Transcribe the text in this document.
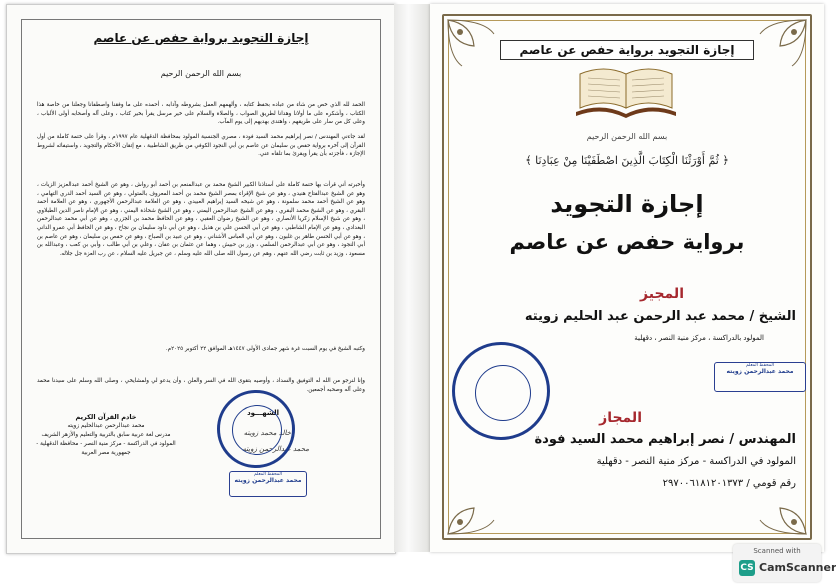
إجازة التجويد برواية حفص عن عاصم
بسم الله الرحمن الرحيم
الحمد لله الذي خص من شاء من عباده بحفظ كتابه ، وألهمهم العمل بشروطه وآدابه ، أحمده على ما وفقنا واصطفانا وجعلنا من خاصة هذا الكتاب ، وأشكره على ما أولانا وهدانا لطريق الصواب ، والصلاة والسلام على خير مرسل يقرأ بخير كتاب ، وعلى آله وأصحابه أولى الألباب ، وعلى كل من سار على طريقهم ، واهتدى بهديهم إلى يوم المآب.
لقد جاءني المهندس / نصر إبراهيم محمد السيد فودة ، مصري الجنسية المولود بمحافظة الدقهلية عام ١٩٩٧م ، وقرأ على ختمة كاملة من أول القرآن إلى آخره برواية حفص بن سليمان عن عاصم بن أبي النجود الكوفي من طريق الشاطبية ، مع إتقان الأحكام والتجويد ، واستيفائه لشروط الإجازة ، فأجزته بأن يقرأ ويقرئ بما تلقاه عني.
وأخبرته أني قرأت بها ختمة كاملة على أستاذنا الكبير الشيخ محمد بن عبدالمنعم بن أحمد أبو رواش ، وهو عن الشيخ أحمد عبدالعزيز الزيات ، وهو عن الشيخ عبدالفتاح هنيدي ، وهو عن شيخ الإقراء بمصر الشيخ محمد بن أحمد المعروف بالمتولي ، وهو عن السيد أحمد الدري التهامي ، وهو عن الشيخ أحمد محمد سلمونة ، وهو عن شيخه السيد إبراهيم العبيدي ، وهو عن العلامة عبدالرحمن الأجهوري ، وهو عن العلامة أحمد البقري ، وهو عن الشيخ محمد البقري ، وهو عن الشيخ عبدالرحمن اليمني ، وهو عن الشيخ شحاذة اليمني ، وهو عن الإمام ناصر الدين الطبلاوي ، وهو عن شيخ الإسلام زكريا الأنصاري ، وهو عن الشيخ رضوان العقبي ، وهو عن الحافظ محمد بن الجزري ، وهو عن أبي محمد عبدالرحمن البغدادي ، وهو عن الإمام الشاطبي ، وهو عن أبي الحسن علي بن هذيل ، وهو عن أبي داود سليمان بن نجاح ، وهو عن الحافظ أبي عمرو الداني ، وهو عن أبي الحسن طاهر بن غلبون ، وهو عن أبي العباس الأشناني ، وهو عن عبيد بن الصباح ، وهو عن حفص بن سليمان ، وهو عن عاصم بن أبي النجود ، وهو عن أبي عبدالرحمن السلمي ، وزر بن حبيش ، وهما عن عثمان بن عفان ، وعلي بن أبي طالب ، وأبي بن كعب ، وعبدالله بن مسعود ، وزيد بن ثابت رضي الله عنهم ، وهم عن رسول الله صلى الله عليه وسلم ، عن جبريل عليه السلام ، عن رب العزة جل جلاله.
وكتبه الشيخ في يوم السبت غرة شهر جمادى الأولى ١٤٤٧هـ الموافق ٢٢ أكتوبر ٢٠٢٥م.
وإنا لنرجو من الله له التوفيق والسداد ، وأوصيه بتقوى الله في السر والعلن ، وأن يدعو لي ولمشايخي ، وصلى الله وسلم على سيدنا محمد وعلى آله وصحبه أجمعين.
الشهـــود
خالد محمد زويته
محمد عبدالرحمن زويته
المحفظ المعلم
محمد عبدالرحمن زويته
خادم القرآن الكريم
محمد عبدالرحمن عبدالحليم زويته
مدرس لغة عربية سابق بالتربية والتعليم والأزهر الشريف
المولود في الدراكسة - مركز منية النصر - محافظة الدقهلية - جمهورية مصر العربية
إجازة التجويد برواية حفص عن عاصم
بسم الله الرحمن الرحيم
﴿ ثُمَّ أَوْرَثْنَا الْكِتَابَ الَّذِينَ اصْطَفَيْنَا مِنْ عِبَادِنَا ﴾
إجازة التجويد
برواية حفص عن عاصم
المجيز
الشيخ / محمد عبد الرحمن عبد الحليم زويته
المولود بالدراكسة ، مركز منية النصر ، دقهلية
المحفظ المعلم
محمد عبدالرحمن زويته
المجاز
المهندس / نصر إبراهيم محمد السيد فودة
المولود في الدراكسة - مركز منية النصر - دقهلية
رقم قومي / ٢٩٧٠٠٦١٨١٢٠١٣٧٣
Scanned with
CS CamScanner
